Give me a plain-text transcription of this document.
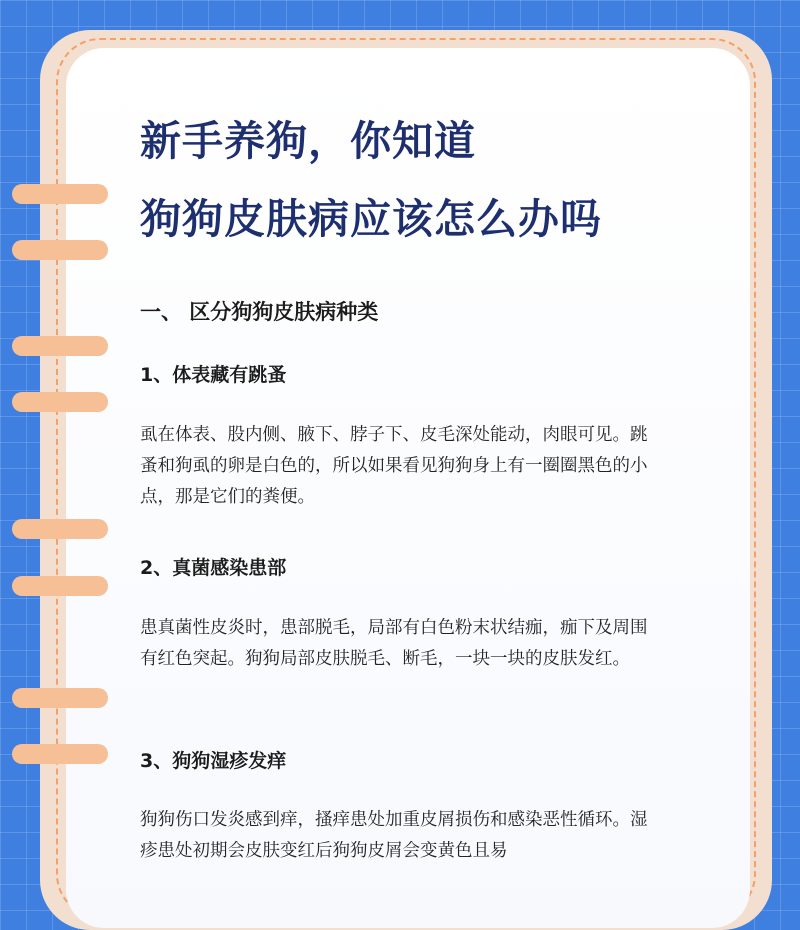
新手养狗，你知道
狗狗皮肤病应该怎么办吗
一、 区分狗狗皮肤病种类
1、体表藏有跳蚤

虱在体表、股内侧、腋下、脖子下、皮毛深处能动，肉眼可见。跳蚤和狗虱的卵是白色的，所以如果看见狗狗身上有一圈圈黑色的小点，那是它们的粪便。

2、真菌感染患部

患真菌性皮炎时，患部脱毛，局部有白色粉末状结痂，痂下及周围有红色突起。狗狗局部皮肤脱毛、断毛，一块一块的皮肤发红。

3、狗狗湿疹发痒

狗狗伤口发炎感到痒，搔痒患处加重皮屑损伤和感染恶性循环。湿疹患处初期会皮肤变红后狗狗皮屑会变黄色且易
